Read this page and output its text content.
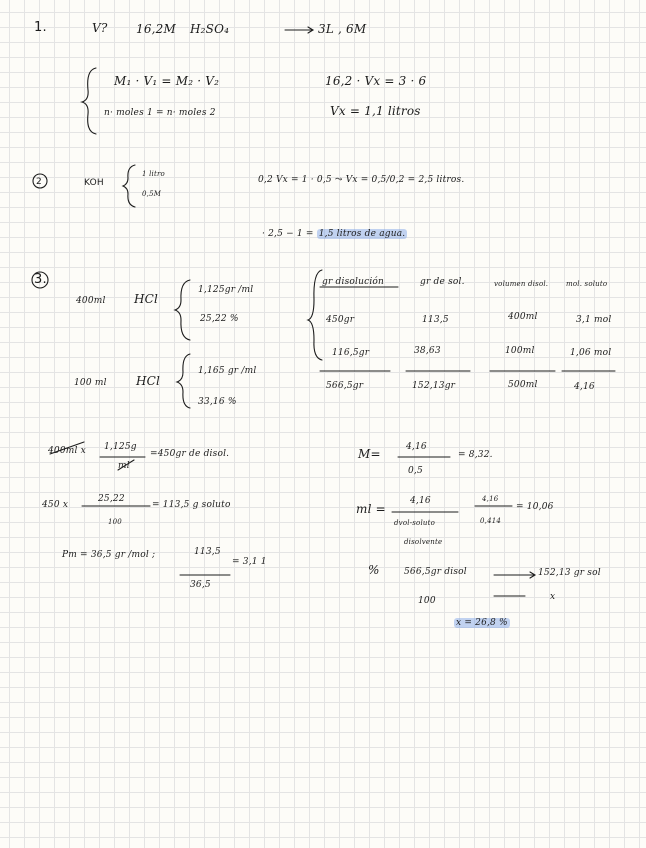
1.	V? 16,2M H₂SO₄	3L , 6M
M₁ · V₁ = M₂ · V₂
n· moles 1 = n· moles 2
16,2 · Vx = 3 · 6
Vx = 1,1 litros
2	KOH
1 litro
0,5M
0,2 Vx = 1 · 0,5 ⤳ Vx = 0,5/0,2 = 2,5 litros.
· 2,5 − 1 = 1,5 litros de agua.
3.
400ml HCl
1,125gr /ml
25,22 %
100 ml HCl
1,165 gr /ml
33,16 %
gr disolución	gr de sol.	volumen disol.	mol. soluto
450gr	113,5	400ml	3,1 mol
116,5gr	38,63	100ml	1,06 mol
566,5gr	152,13gr	500ml	4,16
400ml x 1,125g
ml
=450gr de disol.
450 x
25,22
100
= 113,5 g soluto
Pm = 36,5 gr /mol ;	113,5
36,5
= 3,1 1
M=	4,16
0,5
= 8,32.
ml =
4,16
dvol-soluto
disolvente
4,16
0,414
= 10,06
%	566,5gr disol	152,13 gr sol
100	x
x = 26,8 %
